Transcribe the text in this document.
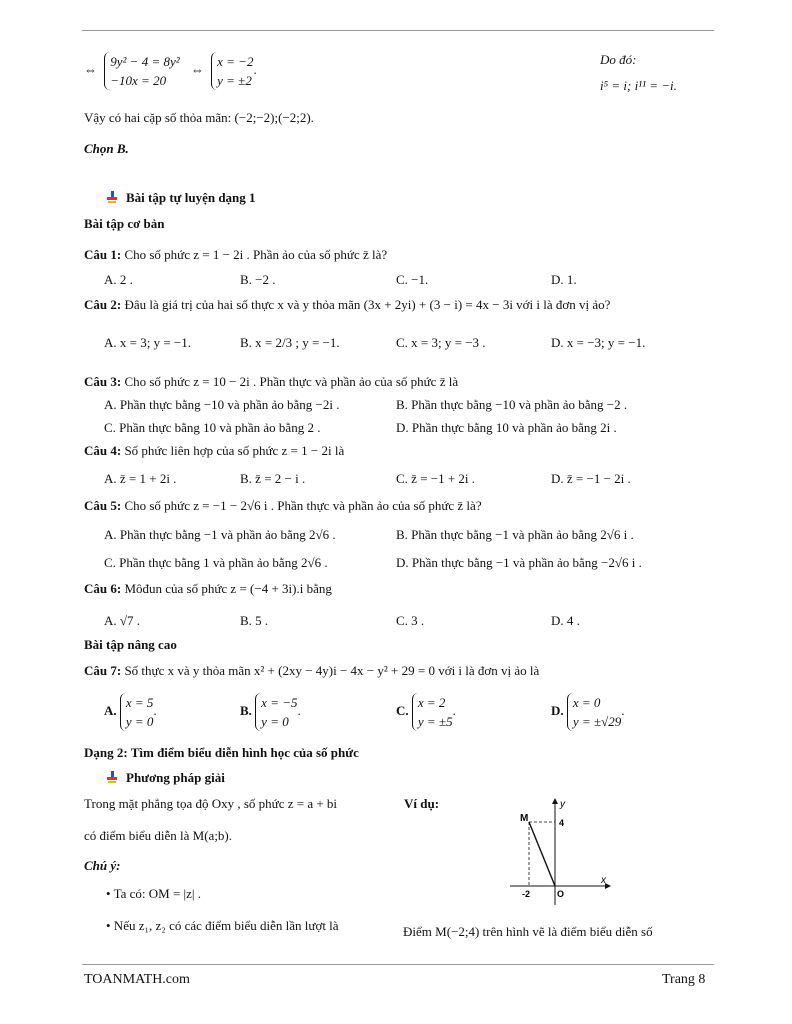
⇔ 9y² − 4 = 8y²
−10x = 20 ⇔ x = −2
y = ±2.
Do đó:
i⁵ = i; i¹¹ = −i.
Vậy có hai cặp số thỏa mãn: (−2;−2);(−2;2).
Chọn B.
Bài tập tự luyện dạng 1
Bài tập cơ bản
Câu 1: Cho số phức z = 1 − 2i . Phần ảo của số phức z̄ là?
A. 2 .	B. −2 .	C. −1.	D. 1.
Câu 2: Đâu là giá trị của hai số thực x và y thỏa mãn (3x + 2yi) + (3 − i) = 4x − 3i với i là đơn vị ảo?
A. x = 3; y = −1.	B. x = 2/3 ; y = −1.	C. x = 3; y = −3 .	D. x = −3; y = −1.
Câu 3: Cho số phức z = 10 − 2i . Phần thực và phần ảo của số phức z̄ là
A. Phần thực bằng −10 và phần ảo bằng −2i .	B. Phần thực bằng −10 và phần ảo bằng −2 .
C. Phần thực bằng 10 và phần ảo bằng 2 .	D. Phần thực bằng 10 và phần ảo bằng 2i .
Câu 4: Số phức liên hợp của số phức z = 1 − 2i là
A. z̄ = 1 + 2i .	B. z̄ = 2 − i .	C. z̄ = −1 + 2i .	D. z̄ = −1 − 2i .
Câu 5: Cho số phức z = −1 − 2√6 i . Phần thực và phần ảo của số phức z̄ là?
A. Phần thực bằng −1 và phần ảo bằng 2√6 .	B. Phần thực bằng −1 và phần ảo bằng 2√6 i .
C. Phần thực bằng 1 và phần ảo bằng 2√6 .	D. Phần thực bằng −1 và phần ảo bằng −2√6 i .
Câu 6: Môđun của số phức z = (−4 + 3i).i bằng
A. √7 .	B. 5 .	C. 3 .	D. 4 .
Bài tập nâng cao
Câu 7: Số thực x và y thỏa mãn x² + (2xy − 4y)i − 4x − y² + 29 = 0 với i là đơn vị ảo là
A. x = 5
y = 0.	B. x = −5
y = 0.	C. x = 2
y = ±5.	D. x = 0
y = ±√29.
Dạng 2: Tìm điểm biểu diễn hình học của số phức
Phương pháp giải
Trong mặt phẳng tọa độ Oxy , số phức z = a + bi	Ví dụ:
có điểm biểu diễn là M(a;b).
Chú ý:
• Ta có: OM = |z| .
• Nếu z₁, z₂ có các điểm biểu diễn lần lượt là	Điểm M(−2;4) trên hình vẽ là điểm biểu diễn số
M	4
-2	O
x
y
TOANMATH.com	Trang 8
